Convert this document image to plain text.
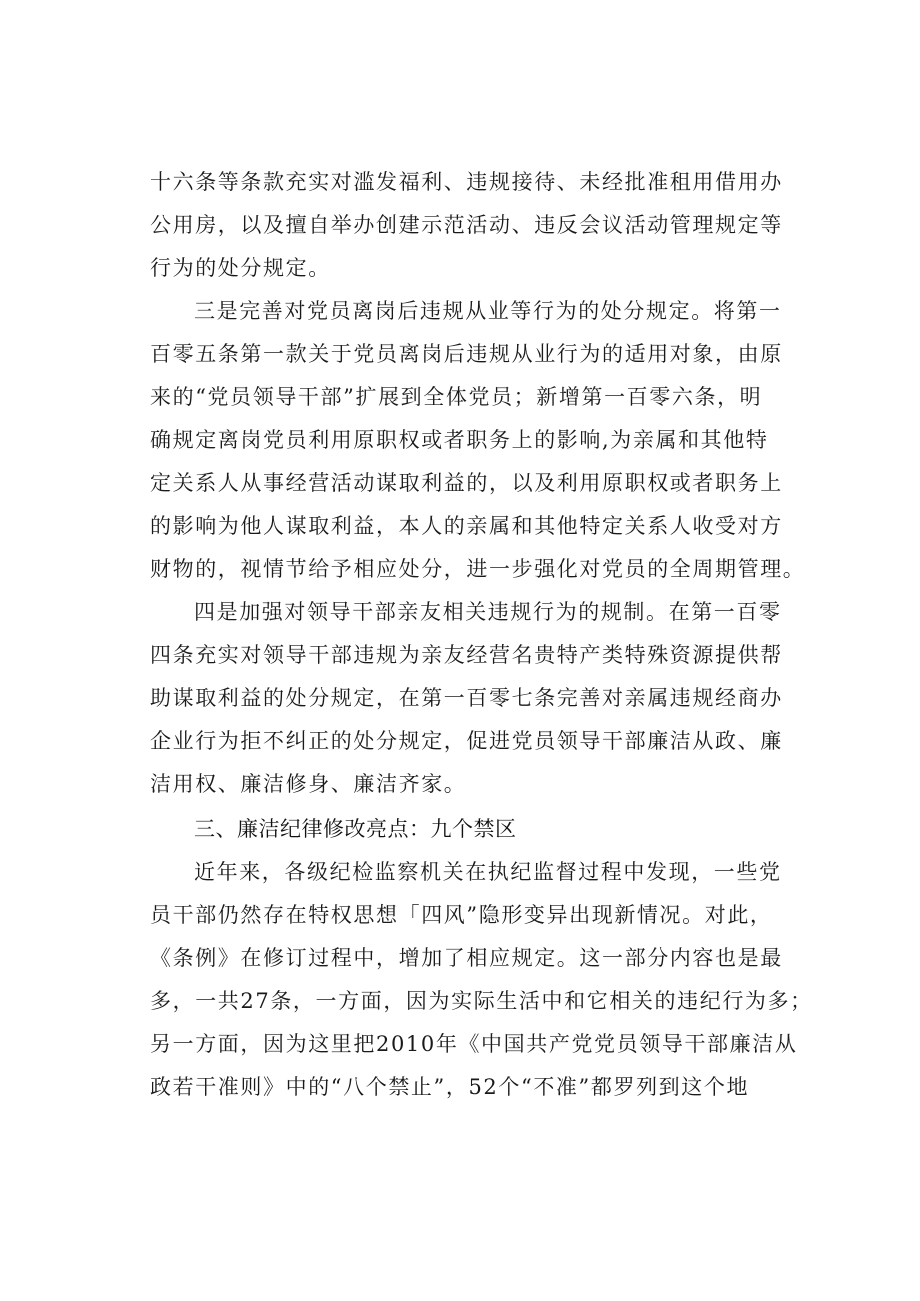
十六条等条款充实对滥发福利、违规接待、未经批准租用借用办
公用房，以及擅自举办创建示范活动、违反会议活动管理规定等
行为的处分规定。
三是完善对党员离岗后违规从业等行为的处分规定。将第一
百零五条第一款关于党员离岗后违规从业行为的适用对象，由原
来的“党员领导干部”扩展到全体党员；新增第一百零六条，明
确规定离岗党员利用原职权或者职务上的影响,为亲属和其他特
定关系人从事经营活动谋取利益的，以及利用原职权或者职务上
的影响为他人谋取利益，本人的亲属和其他特定关系人收受对方
财物的，视情节给予相应处分，进一步强化对党员的全周期管理。
四是加强对领导干部亲友相关违规行为的规制。在第一百零
四条充实对领导干部违规为亲友经营名贵特产类特殊资源提供帮
助谋取利益的处分规定，在第一百零七条完善对亲属违规经商办
企业行为拒不纠正的处分规定，促进党员领导干部廉洁从政、廉
洁用权、廉洁修身、廉洁齐家。
三、廉洁纪律修改亮点：九个禁区
近年来，各级纪检监察机关在执纪监督过程中发现，一些党
员干部仍然存在特权思想「四风”隐形变异出现新情况。对此，
《条例》在修订过程中，增加了相应规定。这一部分内容也是最
多，一共27条，一方面，因为实际生活中和它相关的违纪行为多；
另一方面，因为这里把2010年《中国共产党党员领导干部廉洁从
政若干准则》中的“八个禁止”，52个“不准”都罗列到这个地
